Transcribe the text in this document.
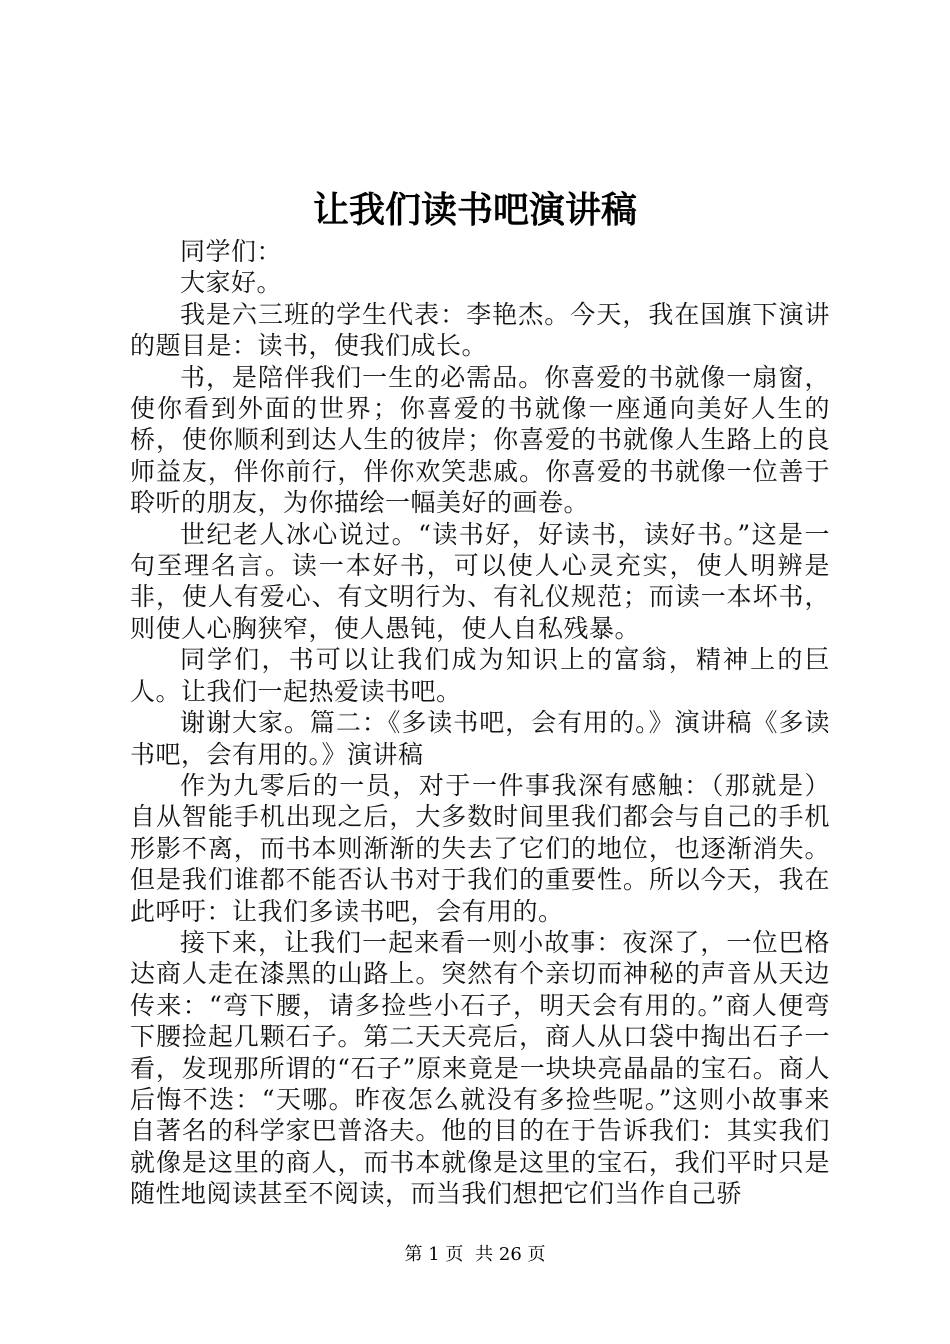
让我们读书吧演讲稿

同学们：

大家好。

我是六三班的学生代表：李艳杰。今天，我在国旗下演讲的题目是：读书，使我们成长。

书，是陪伴我们一生的必需品。你喜爱的书就像一扇窗，使你看到外面的世界；你喜爱的书就像一座通向美好人生的桥，使你顺利到达人生的彼岸；你喜爱的书就像人生路上的良师益友，伴你前行，伴你欢笑悲戚。你喜爱的书就像一位善于聆听的朋友，为你描绘一幅美好的画卷。

世纪老人冰心说过。“读书好，好读书，读好书。”这是一句至理名言。读一本好书，可以使人心灵充实，使人明辨是非，使人有爱心、有文明行为、有礼仪规范；而读一本坏书，则使人心胸狭窄，使人愚钝，使人自私残暴。

同学们，书可以让我们成为知识上的富翁，精神上的巨人。让我们一起热爱读书吧。

谢谢大家。篇二：《多读书吧，会有用的。》演讲稿《多读书吧，会有用的。》演讲稿

作为九零后的一员，对于一件事我深有感触：（那就是）自从智能手机出现之后，大多数时间里我们都会与自己的手机形影不离，而书本则渐渐的失去了它们的地位，也逐渐消失。但是我们谁都不能否认书对于我们的重要性。所以今天，我在此呼吁：让我们多读书吧，会有用的。

接下来，让我们一起来看一则小故事：夜深了，一位巴格达商人走在漆黑的山路上。突然有个亲切而神秘的声音从天边传来：“弯下腰，请多捡些小石子，明天会有用的。”商人便弯下腰捡起几颗石子。第二天天亮后，商人从口袋中掏出石子一看，发现那所谓的“石子”原来竟是一块块亮晶晶的宝石。商人后悔不迭：“天哪。昨夜怎么就没有多捡些呢。”这则小故事来自著名的科学家巴普洛夫。他的目的在于告诉我们：其实我们就像是这里的商人，而书本就像是这里的宝石，我们平时只是随性地阅读甚至不阅读，而当我们想把它们当作自己骄

第 1 页 共 26 页
